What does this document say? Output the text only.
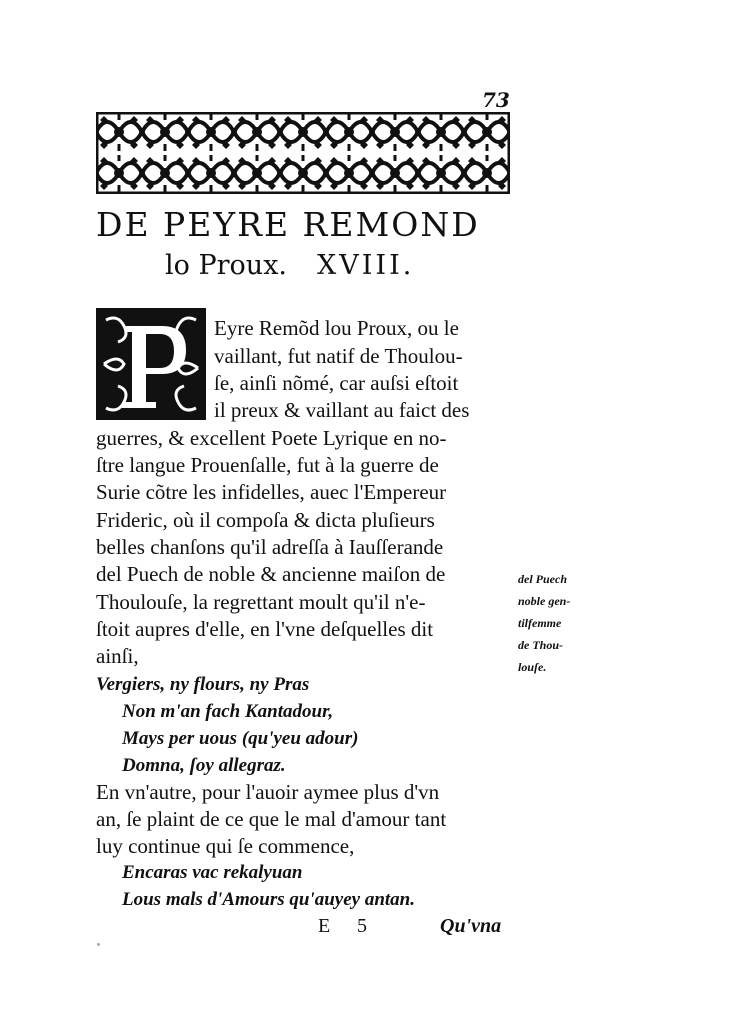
73
DE PEYRE REMOND
lo Proux. XVIII.
Eyre Remõd lou Proux, ou le
vaillant, fut natif de Thoulou-
ſe, ainſi nõmé, car auſsi eſtoit
il preux & vaillant au faict des
guerres, & excellent Poete Lyrique en no-
ſtre langue Prouenſalle, fut à la guerre de
Surie cõtre les infidelles, auec l'Empereur
Frideric, où il compoſa & dicta pluſieurs
belles chanſons qu'il adreſſa à Iauſſerande
del Puech de noble & ancienne maiſon de
Thoulouſe, la regrettant moult qu'il n'e-
ſtoit aupres d'elle, en l'vne deſquelles dit
ainſi,
del Puech
noble gen-
tilfemme
de Thou-
louſe.
Vergiers, ny flours, ny Pras
Non m'an fach Kantadour,
Mays per uous (qu'yeu adour)
Domna, ſoy allegraz.
En vn'autre, pour l'auoir aymee plus d'vn
an, ſe plaint de ce que le mal d'amour tant
luy continue qui ſe commence,
Encaras vac rekalyuan
Lous mals d'Amours qu'auyey antan.
E 5	Qu'vna
